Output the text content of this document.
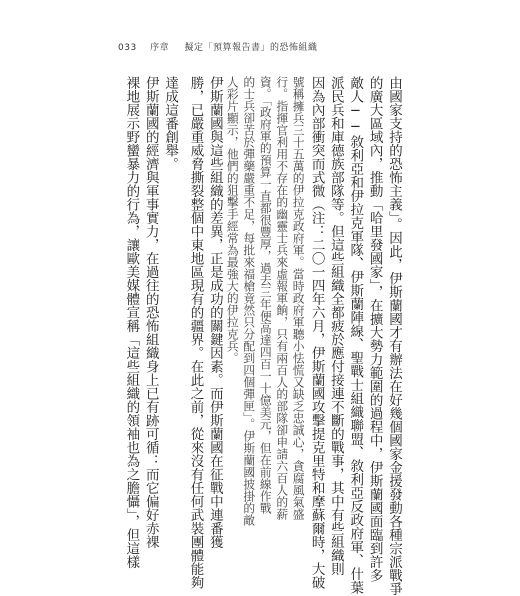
033 序章 擬定「預算報告書」的恐怖組織
由國家支持的恐怖主義」。因此，伊斯蘭國才有辦法在好幾個國家金援發動各種宗派戰爭
的廣大區域內，推動「哈里發國家」，在擴大勢力範圍的過程中，伊斯蘭國面臨到許多
敵人──敘利亞和伊拉克軍隊、伊斯蘭陣線、聖戰士組織聯盟、敘利亞反政府軍、什葉
派民兵和庫德族部隊等。但這些組織全都疲於應付接連不斷的戰事，其中有些組織則
因為內部衝突而式微（注：二〇一四年六月，伊斯蘭國攻擊提克里特和摩蘇爾時，大破
號稱擁兵三十五萬的伊拉克政府軍。當時政府軍聽小怯慌又缺乏忠誠心，貪腐風氣盛
行。指揮官利用不存在的幽靈士兵來虛報軍餉，只有兩百人的部隊卻申請六百人的薪
資。「政府軍的預算一直都很豐厚，過去三年便高達四百一十億美元，但在前線作戰
的士兵卻苦於彈藥嚴重不足，每批來福槍竟然只分配到四個彈匣」。伊斯蘭國披掛的敵
人彩片顯示，他們的狙擊手經常為最強大的伊拉克兵。
伊斯蘭國與這些組織的差異，正是成功的關鍵因素。而伊斯蘭國在征戰中連番獲
勝，已嚴重威脅撕裂整個中東地區現有的疆界。在此之前，從來沒有任何武裝團體能夠
達成這番創舉。
伊斯蘭國的經濟與軍事實力，在過往的恐怖組織身上已有跡可循：而它偏好赤裸
裸地展示野蠻暴力的行為，讓歐美媒體宣稱「這些組織的領袖也為之膽懾」，但這樣
